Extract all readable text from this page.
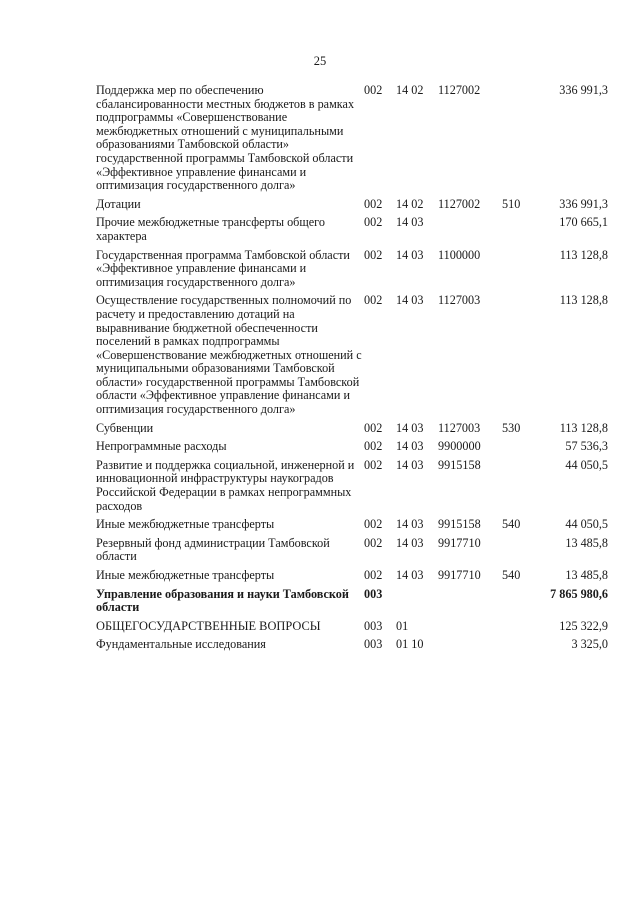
25
Поддержка мер по обеспечению сбалансированности местных бюджетов в рамках подпрограммы «Совершенствование межбюджетных отношений с муниципальными образованиями Тамбовской области» государственной программы Тамбовской области «Эффективное управление финансами и оптимизация государственного долга»	002	14 02	1127002		336 991,3
Дотации	002	14 02	1127002	510	336 991,3
Прочие межбюджетные трансферты общего характера	002	14 03			170 665,1
Государственная программа Тамбовской области «Эффективное управление финансами и оптимизация государственного долга»	002	14 03	1100000		113 128,8
Осуществление государственных полномочий по расчету и предоставлению дотаций на выравнивание бюджетной обеспеченности поселений в рамках подпрограммы «Совершенствование межбюджетных отношений с муниципальными образованиями Тамбовской области» государственной программы Тамбовской области «Эффективное управление финансами и оптимизация государственного долга»	002	14 03	1127003		113 128,8
Субвенции	002	14 03	1127003	530	113 128,8
Непрограммные расходы	002	14 03	9900000		57 536,3
Развитие и поддержка социальной, инженерной и инновационной инфраструктуры наукоградов Российской Федерации в рамках непрограммных расходов	002	14 03	9915158		44 050,5
Иные межбюджетные трансферты	002	14 03	9915158	540	44 050,5
Резервный фонд администрации Тамбовской области	002	14 03	9917710		13 485,8
Иные межбюджетные трансферты	002	14 03	9917710	540	13 485,8
Управление образования и науки Тамбовской области	003				7 865 980,6
ОБЩЕГОСУДАРСТВЕННЫЕ ВОПРОСЫ	003	01			125 322,9
Фундаментальные исследования	003	01 10			3 325,0
